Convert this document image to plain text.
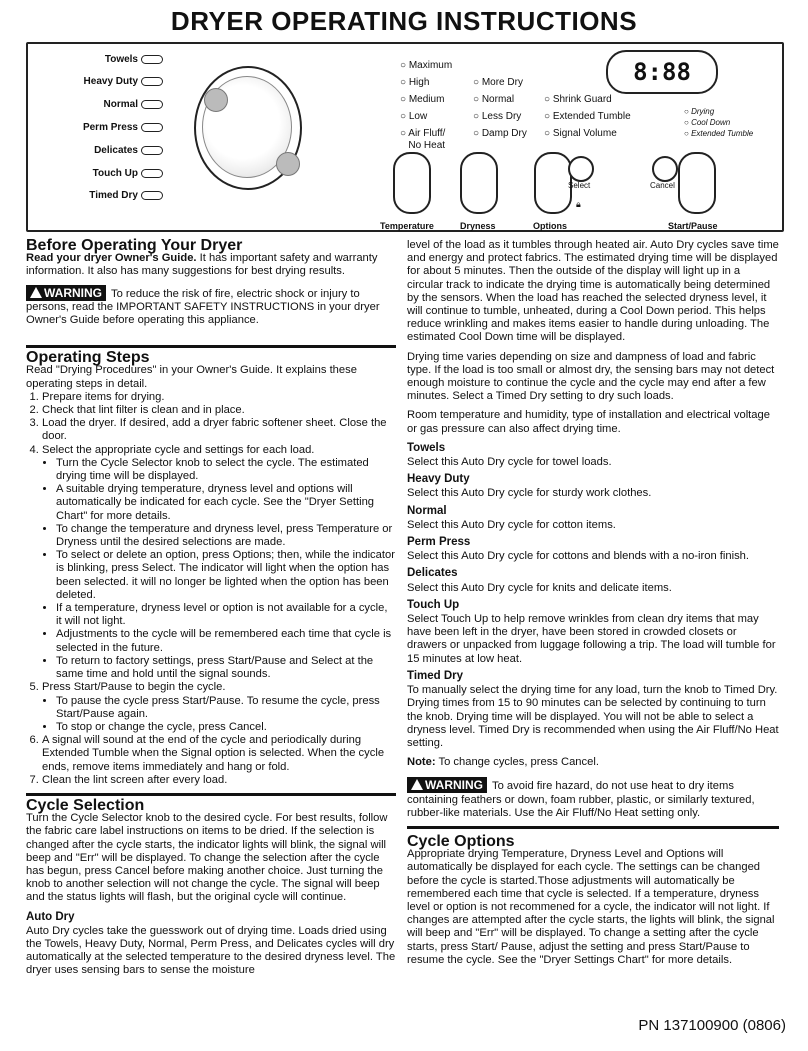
DRYER OPERATING INSTRUCTIONS
Towels
Heavy Duty
Normal
Perm Press
Delicates
Touch Up
Timed Dry
○ Maximum
○ High
○ Medium
○ Low
○ Air Fluff/
No Heat
○ More Dry
○ Normal
○ Less Dry
○ Damp Dry
○ Shrink Guard
○ Extended Tumble
○ Signal Volume
○ Drying
○ Cool Down
○ Extended Tumble
8:88
Select
🔒︎
Cancel
Temperature	Dryness	Options	Start/Pause
Before Operating Your Dryer

Read your dryer Owner's Guide. It has important safety and warranty information. It also has many suggestions for best drying results.

WARNING To reduce the risk of fire, electric shock or injury to persons, read the IMPORTANT SAFETY INSTRUCTIONS in your dryer Owner's Guide before operating this appliance.

Operating Steps
Read "Drying Procedures" in your Owner's Guide. It explains these operating steps in detail.
1. Prepare items for drying.
2. Check that lint filter is clean and in place.
3. Load the dryer. If desired, add a dryer fabric softener sheet. Close the door.
4. Select the appropriate cycle and settings for each load.
• Turn the Cycle Selector knob to select the cycle. The estimated drying time will be displayed.
• A suitable drying temperature, dryness level and options will automatically be indicated for each cycle. See the "Dryer Setting Chart" for more details.
• To change the temperature and dryness level, press Temperature or Dryness until the desired selections are made.
• To select or delete an option, press Options; then, while the indicator is blinking, press Select. The indicator will light when the option has been selected. it will no longer be lighted when the option has been deleted.
• If a temperature, dryness level or option is not available for a cycle, it will not light.
• Adjustments to the cycle will be remembered each time that cycle is selected in the future.
• To return to factory settings, press Start/Pause and Select at the same time and hold until the signal sounds.
5. Press Start/Pause to begin the cycle.
• To pause the cycle press Start/Pause. To resume the cycle, press Start/Pause again.
• To stop or change the cycle, press Cancel.
6. A signal will sound at the end of the cycle and periodically during Extended Tumble when the Signal option is selected. When the cycle ends, remove items immediately and hang or fold.
7. Clean the lint screen after every load.
Cycle Selection

Turn the Cycle Selector knob to the desired cycle. For best results, follow the fabric care label instructions on items to be dried. If the selection is changed after the cycle starts, the indicator lights will blink, the signal will beep and "Err" will be displayed. To change the selection after the cycle has begun, press Cancel before making another choice. Just turning the knob to another selection will not change the cycle. The signal will beep and the status lights will flash, but the original cycle will continue.

Auto Dry
Auto Dry cycles take the guesswork out of drying time. Loads dried using the Towels, Heavy Duty, Normal, Perm Press, and Delicates cycles will dry automatically at the selected temperature to the desired dryness level. The dryer uses sensing bars to sense the moisture

level of the load as it tumbles through heated air. Auto Dry cycles save time and energy and protect fabrics. The estimated drying time will be displayed for about 5 minutes. Then the outside of the display will light up in a circular track to indicate the drying time is automatically being determined by the sensors. When the load has reached the selected dryness level, it will continue to tumble, unheated, during a Cool Down period. This helps reduce wrinkling and makes items easier to handle during unloading. The estimated Cool Down time will be displayed.

Drying time varies depending on size and dampness of load and fabric type. If the load is too small or almost dry, the sensing bars may not detect enough moisture to continue the cycle and the cycle may end after a few minutes. Select a Timed Dry setting to dry such loads.

Room temperature and humidity, type of installation and electrical voltage or gas pressure can also affect drying time.

Towels
Select this Auto Dry cycle for towel loads.
Heavy Duty
Select this Auto Dry cycle for sturdy work clothes.
Normal
Select this Auto Dry cycle for cotton items.
Perm Press
Select this Auto Dry cycle for cottons and blends with a no-iron finish.
Delicates
Select this Auto Dry cycle for knits and delicate items.
Touch Up
Select Touch Up to help remove wrinkles from clean dry items that may have been left in the dryer, have been stored in crowded closets or drawers or unpacked from luggage following a trip. The load will tumble for 15 minutes at low heat.
Timed Dry

To manually select the drying time for any load, turn the knob to Timed Dry. Drying times from 15 to 90 minutes can be selected by continuing to turn the knob. Drying time will be displayed. You will not be able to select a dryness level. Timed Dry is recommended when using the Air Fluff/No Heat setting.

Note: To change cycles, press Cancel.

WARNING To avoid fire hazard, do not use heat to dry items containing feathers or down, foam rubber, plastic, or similarly textured, rubber-like materials. Use the Air Fluff/No Heat setting only.

Cycle Options
Appropriate drying Temperature, Dryness Level and Options will automatically be displayed for each cycle. The settings can be changed before the cycle is started.Those adjustments will automatically be remembered each time that cycle is selected. If a temperature, dryness level or option is not recommened for a cycle, the indicator will not light. If changes are attempted after the cycle starts, the lights will blink, the signal will beep and "Err" will be displayed. To change a setting after the cycle starts, press Start/ Pause, adjust the setting and press Start/Pause to resume the cycle. See the "Dryer Settings Chart" for more details.
PN 137100900 (0806)
